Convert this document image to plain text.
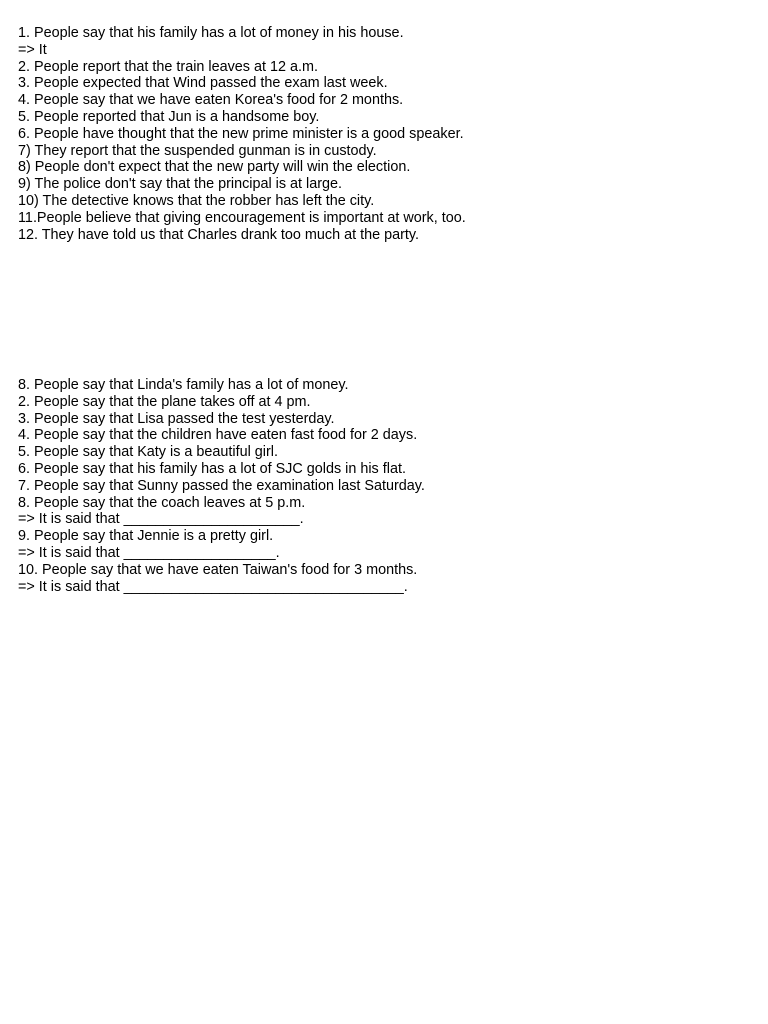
1. People say that his family has a lot of money in his house.
=> It
2. People report that the train leaves at 12 a.m.
3. People expected that Wind passed the exam last week.
4. People say that we have eaten Korea's food for 2 months.
5. People reported that Jun is a handsome boy.
6. People have thought that the new prime minister is a good speaker.
7) They report that the suspended gunman is in custody.
8) People don't expect that the new party will win the election.
9) The police don't say that the principal is at large.
10) The detective knows that the robber has left the city.
11.People believe that giving encouragement is important at work, too.
12. They have told us that Charles drank too much at the party.
8. People say that Linda's family has a lot of money.
2. People say that the plane takes off at 4 pm.
3. People say that Lisa passed the test yesterday.
4. People say that the children have eaten fast food for 2 days.
5. People say that Katy is a beautiful girl.
6. People say that his family has a lot of SJC golds in his flat.
7. People say that Sunny passed the examination last Saturday.
8. People say that the coach leaves at 5 p.m.
=> It is said that ______________________.
9. People say that Jennie is a pretty girl.
=> It is said that ___________________.
10. People say that we have eaten Taiwan's food for 3 months.
=> It is said that ___________________________________.
